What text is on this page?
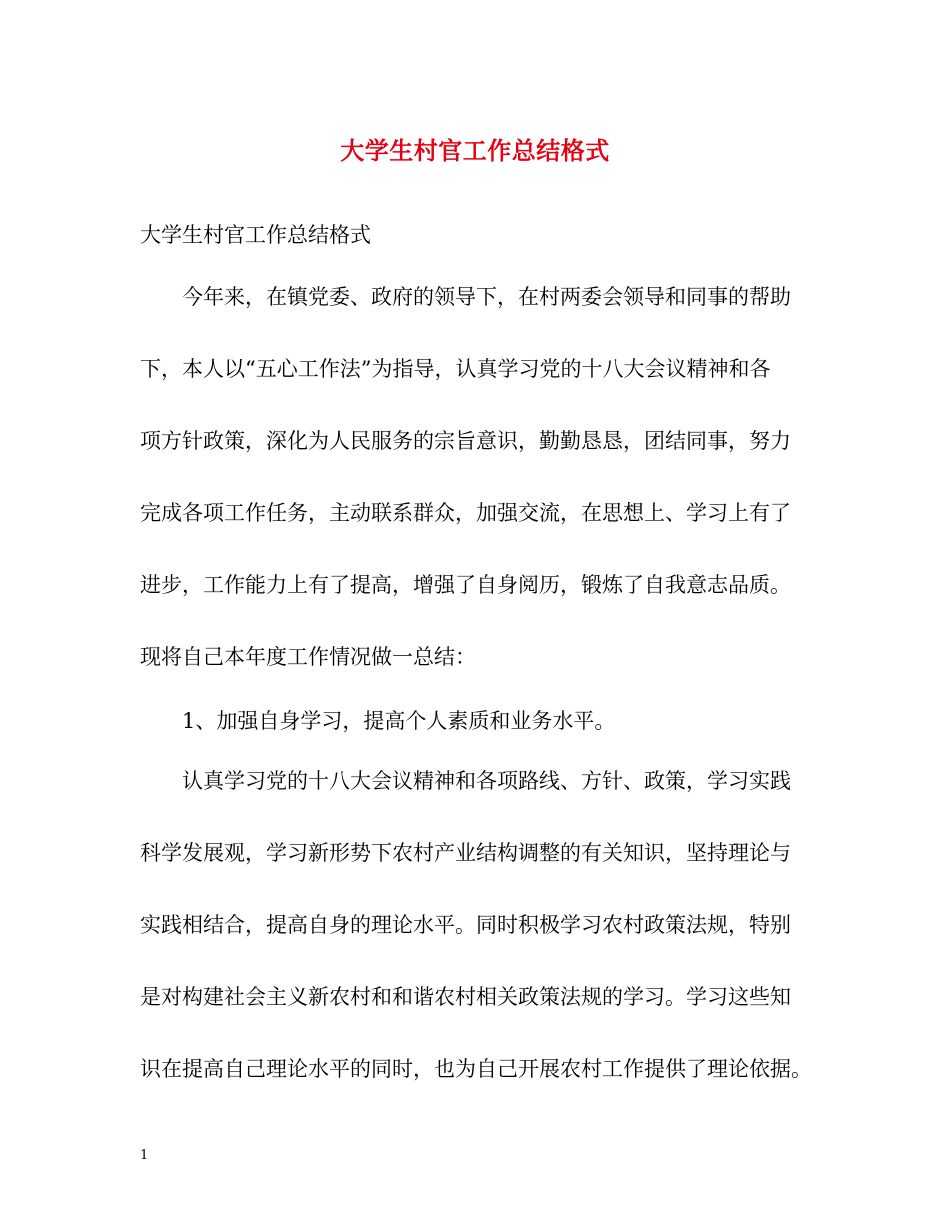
大学生村官工作总结格式
大学生村官工作总结格式
今年来，在镇党委、政府的领导下，在村两委会领导和同事的帮助
下，本人以“五心工作法”为指导，认真学习党的十八大会议精神和各
项方针政策，深化为人民服务的宗旨意识，勤勤恳恳，团结同事，努力
完成各项工作任务，主动联系群众，加强交流，在思想上、学习上有了
进步，工作能力上有了提高，增强了自身阅历，锻炼了自我意志品质。
现将自己本年度工作情况做一总结：
1、加强自身学习，提高个人素质和业务水平。
认真学习党的十八大会议精神和各项路线、方针、政策，学习实践
科学发展观，学习新形势下农村产业结构调整的有关知识，坚持理论与
实践相结合，提高自身的理论水平。同时积极学习农村政策法规，特别
是对构建社会主义新农村和和谐农村相关政策法规的学习。学习这些知
识在提高自己理论水平的同时，也为自己开展农村工作提供了理论依据。
1
